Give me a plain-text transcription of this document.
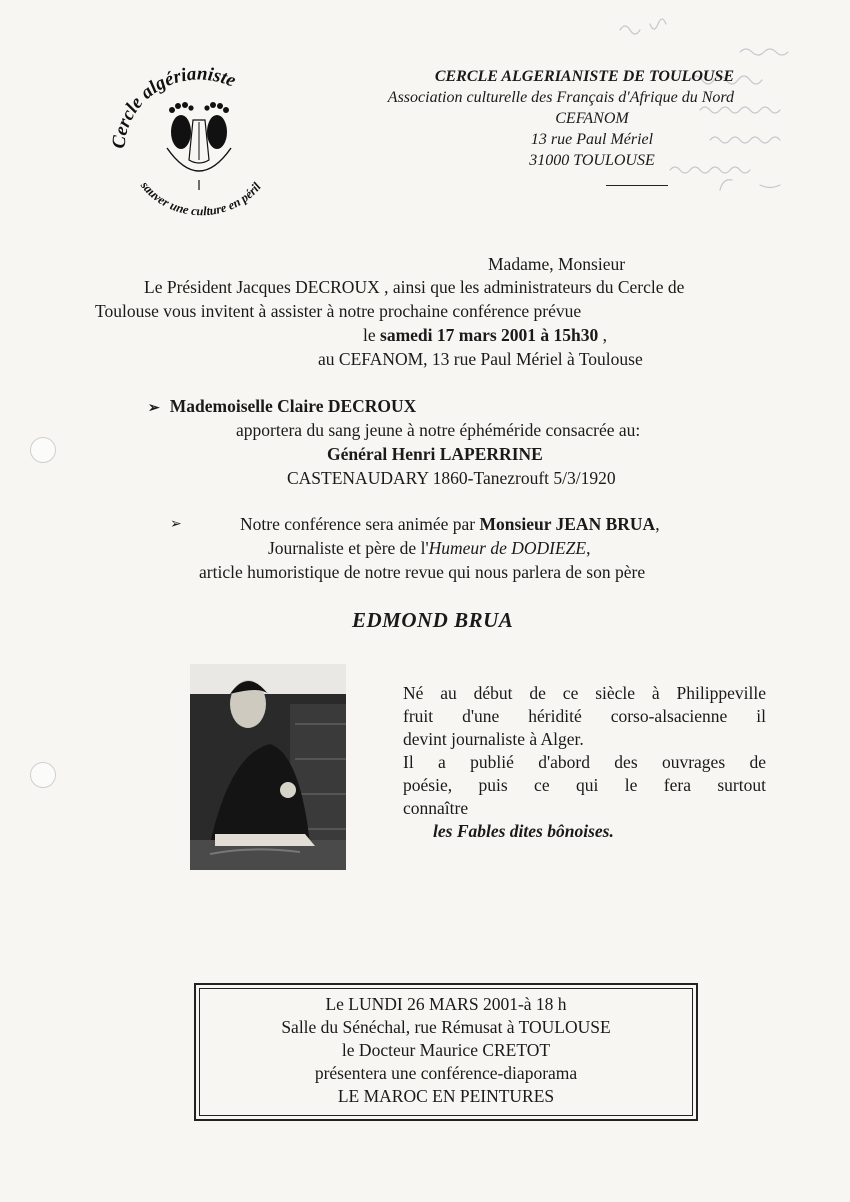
Cercle algérianiste
sauver une culture en péril
CERCLE ALGERIANISTE DE TOULOUSE
Association culturelle des Français d'Afrique du Nord
CEFANOM
13 rue Paul Mériel
31000 TOULOUSE
Madame, Monsieur
Le Président Jacques DECROUX , ainsi que les administrateurs du Cercle de
Toulouse vous invitent à assister à notre prochaine conférence prévue
le samedi 17 mars 2001 à 15h30 ,
au CEFANOM, 13 rue Paul Mériel à Toulouse
➢ Mademoiselle Claire DECROUX
apportera du sang jeune à notre éphéméride consacrée au:
Général Henri LAPERRINE
CASTENAUDARY 1860-Tanezrouft 5/3/1920
➢	Notre conférence sera animée par Monsieur JEAN BRUA,
Journaliste et père de l'Humeur de DODIEZE,
article humoristique de notre revue qui nous parlera de son père
EDMOND BRUA

Né au début de ce siècle à Philippeville

fruit d'une héridité corso-alsacienne il

devint journaliste à Alger.

Il a publié d'abord des ouvrages de

poésie, puis ce qui le fera surtout

connaître

les Fables dites bônoises.

Le LUNDI 26 MARS 2001-à 18 h
Salle du Sénéchal, rue Rémusat à TOULOUSE
le Docteur Maurice CRETOT
présentera une conférence-diaporama
LE MAROC EN PEINTURES
